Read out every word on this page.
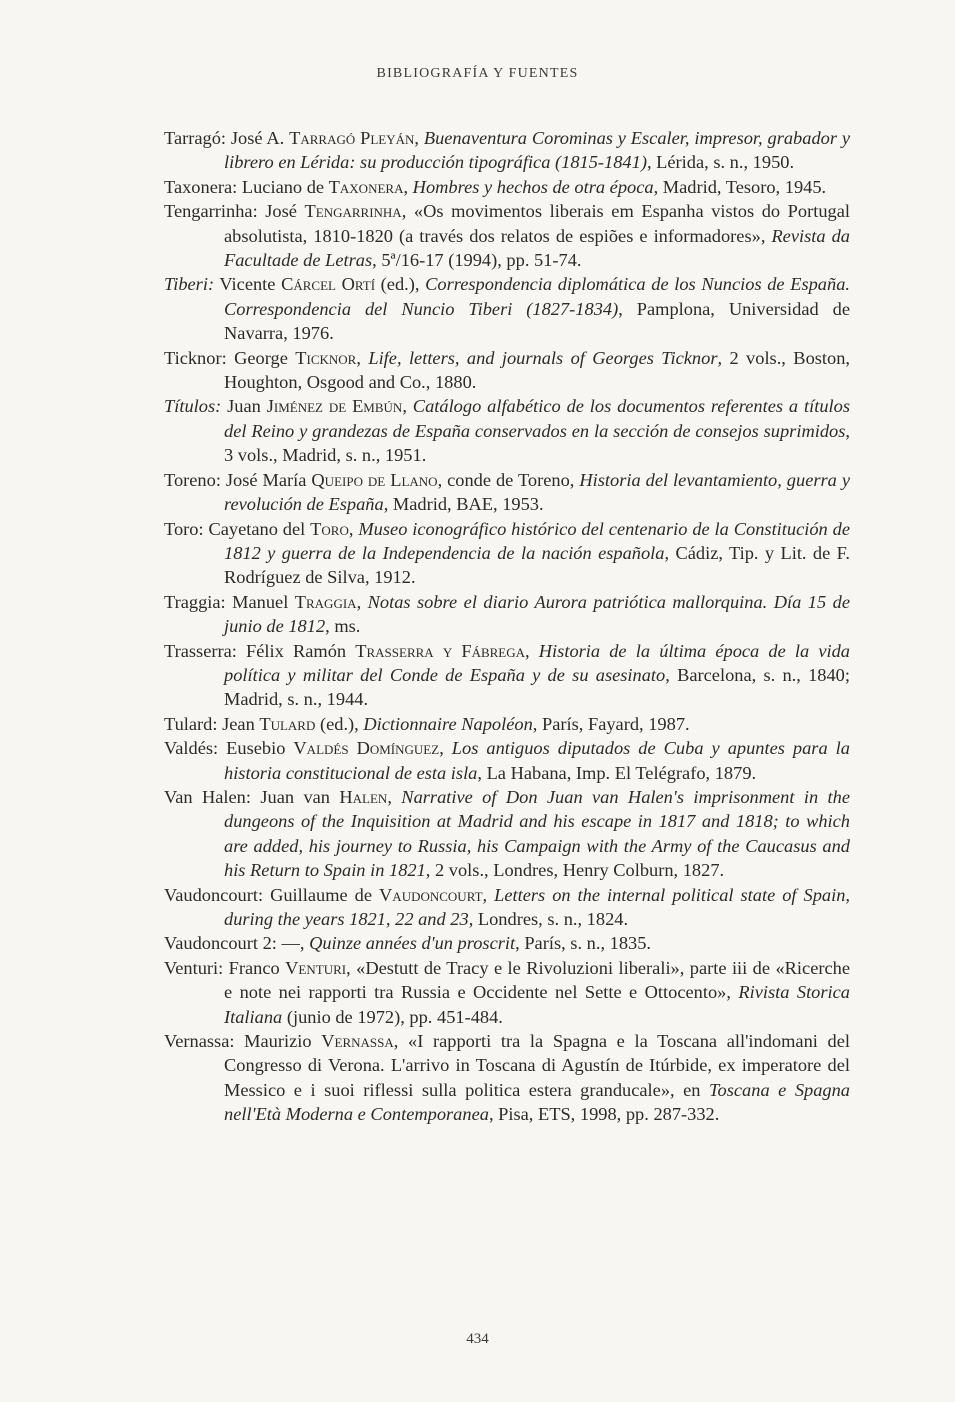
BIBLIOGRAFÍA Y FUENTES

Tarragó: José A. Tarragó Pleyán, Buenaventura Corominas y Escaler, impresor, grabador y librero en Lérida: su producción tipográfica (1815-1841), Lérida, s. n., 1950.

Taxonera: Luciano de Taxonera, Hombres y hechos de otra época, Madrid, Tesoro, 1945.

Tengarrinha: José Tengarrinha, «Os movimentos liberais em Espanha vistos do Portugal absolutista, 1810-1820 (a través dos relatos de espiões e informadores», Revista da Facultade de Letras, 5ª/16-17 (1994), pp. 51-74.

Tiberi: Vicente Cárcel Ortí (ed.), Correspondencia diplomática de los Nuncios de España. Correspondencia del Nuncio Tiberi (1827-1834), Pamplona, Universidad de Navarra, 1976.

Ticknor: George Ticknor, Life, letters, and journals of Georges Ticknor, 2 vols., Boston, Houghton, Osgood and Co., 1880.

Títulos: Juan Jiménez de Embún, Catálogo alfabético de los documentos referentes a títulos del Reino y grandezas de España conservados en la sección de consejos suprimidos, 3 vols., Madrid, s. n., 1951.

Toreno: José María Queipo de Llano, conde de Toreno, Historia del levantamiento, guerra y revolución de España, Madrid, BAE, 1953.

Toro: Cayetano del Toro, Museo iconográfico histórico del centenario de la Constitución de 1812 y guerra de la Independencia de la nación española, Cádiz, Tip. y Lit. de F. Rodríguez de Silva, 1912.

Traggia: Manuel Traggia, Notas sobre el diario Aurora patriótica mallorquina. Día 15 de junio de 1812, ms.

Trasserra: Félix Ramón Trasserra y Fábrega, Historia de la última época de la vida política y militar del Conde de España y de su asesinato, Barcelona, s. n., 1840; Madrid, s. n., 1944.

Tulard: Jean Tulard (ed.), Dictionnaire Napoléon, París, Fayard, 1987.

Valdés: Eusebio Valdés Domínguez, Los antiguos diputados de Cuba y apuntes para la historia constitucional de esta isla, La Habana, Imp. El Telégrafo, 1879.

Van Halen: Juan van Halen, Narrative of Don Juan van Halen's imprisonment in the dungeons of the Inquisition at Madrid and his escape in 1817 and 1818; to which are added, his journey to Russia, his Campaign with the Army of the Caucasus and his Return to Spain in 1821, 2 vols., Londres, Henry Colburn, 1827.

Vaudoncourt: Guillaume de Vaudoncourt, Letters on the internal political state of Spain, during the years 1821, 22 and 23, Londres, s. n., 1824.

Vaudoncourt 2: —, Quinze années d'un proscrit, París, s. n., 1835.

Venturi: Franco Venturi, «Destutt de Tracy e le Rivoluzioni liberali», parte iii de «Ricerche e note nei rapporti tra Russia e Occidente nel Sette e Ottocento», Rivista Storica Italiana (junio de 1972), pp. 451-484.

Vernassa: Maurizio Vernassa, «I rapporti tra la Spagna e la Toscana all'indomani del Congresso di Verona. L'arrivo in Toscana di Agustín de Itúrbide, ex imperatore del Messico e i suoi riflessi sulla politica estera granducale», en Toscana e Spagna nell'Età Moderna e Contemporanea, Pisa, ETS, 1998, pp. 287-332.

434
